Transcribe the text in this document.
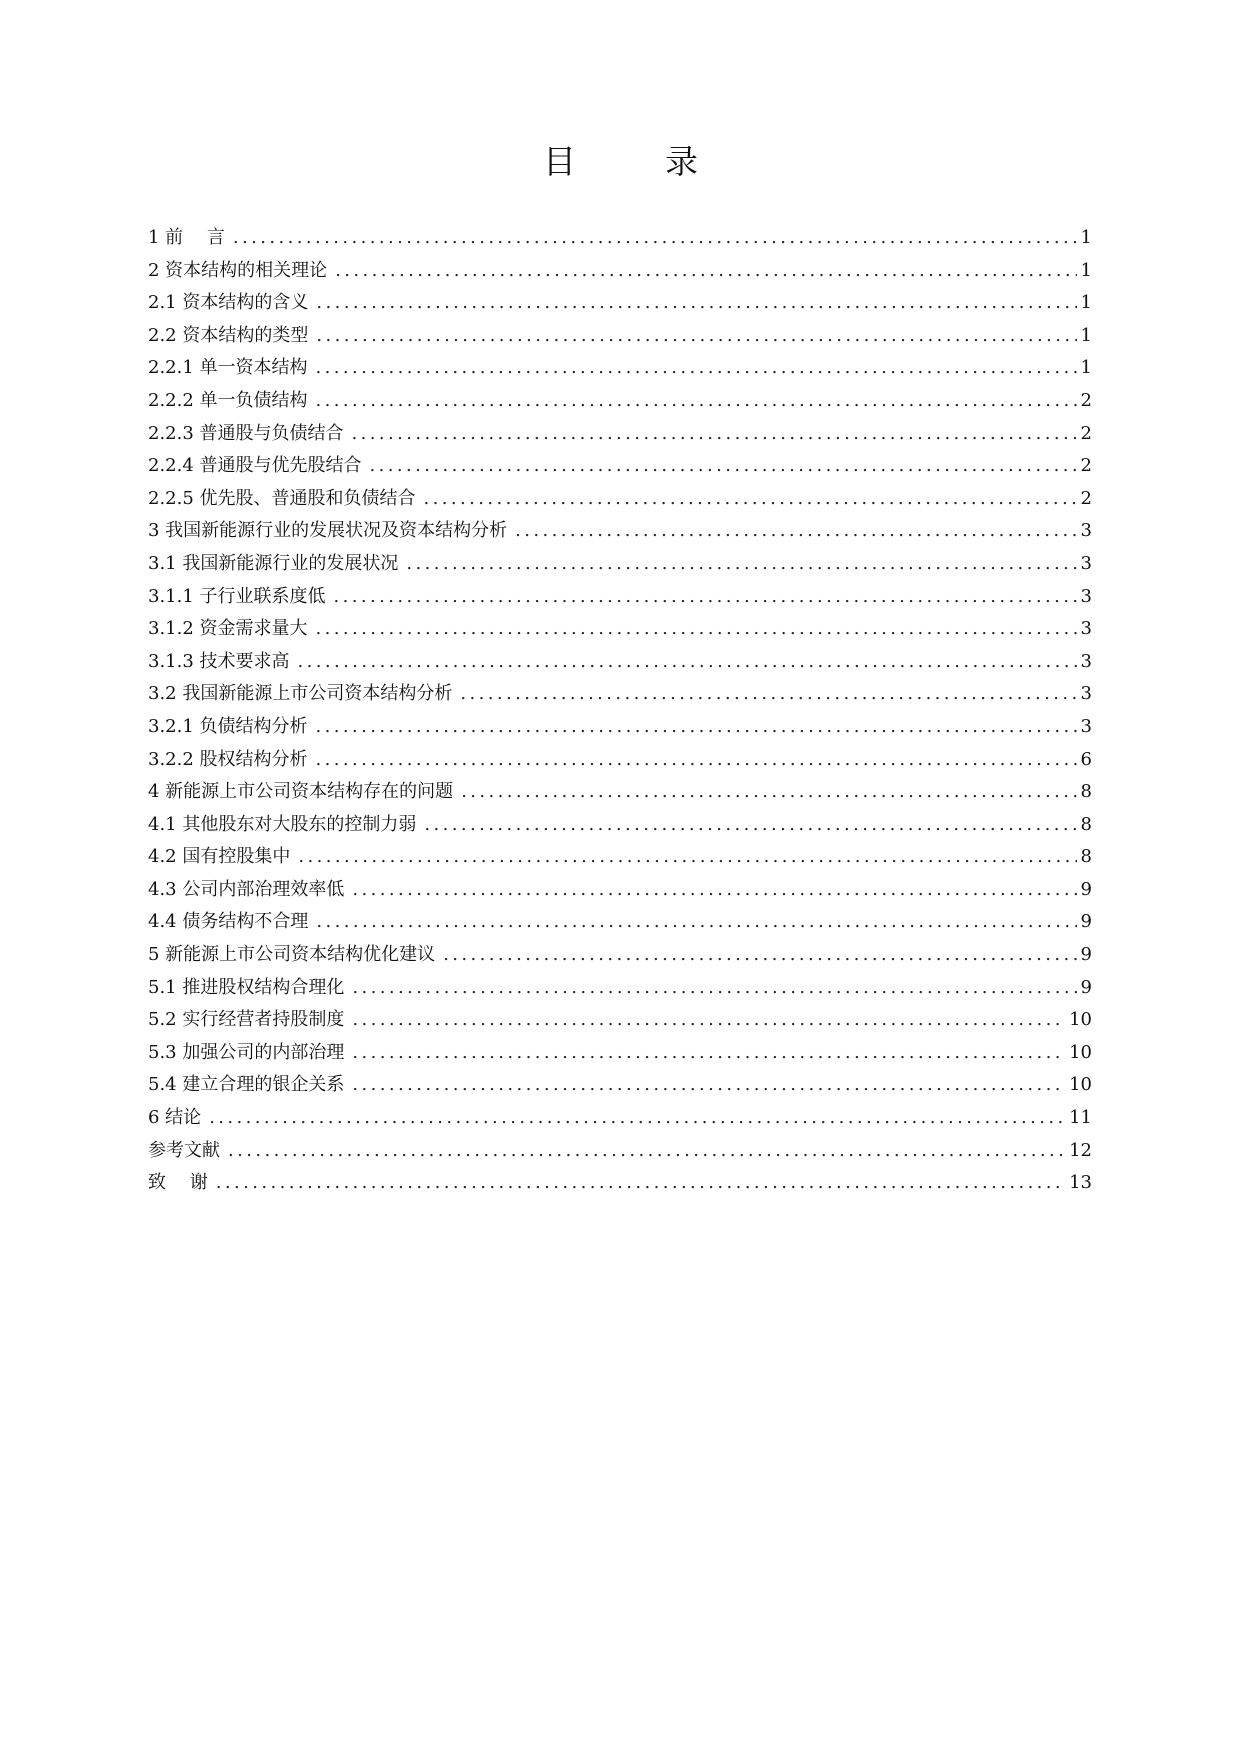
目　录
1 前　 言 .....	1
2 资本结构的相关理论 .....	1
2.1 资本结构的含义 .....	1
2.2 资本结构的类型 .....	1
2.2.1 单一资本结构 .....	1
2.2.2 单一负债结构 .....	2
2.2.3 普通股与负债结合 .....	2
2.2.4 普通股与优先股结合 .....	2
2.2.5 优先股、普通股和负债结合 .....	2
3 我国新能源行业的发展状况及资本结构分析 .....	3
3.1 我国新能源行业的发展状况 .....	3
3.1.1 子行业联系度低 .....	3
3.1.2 资金需求量大 .....	3
3.1.3 技术要求高 .....	3
3.2 我国新能源上市公司资本结构分析 .....	3
3.2.1 负债结构分析 .....	3
3.2.2 股权结构分析 .....	6
4 新能源上市公司资本结构存在的问题 .....	8
4.1 其他股东对大股东的控制力弱 .....	8
4.2 国有控股集中 .....	8
4.3 公司内部治理效率低 .....	9
4.4 债务结构不合理 .....	9
5 新能源上市公司资本结构优化建议 .....	9
5.1 推进股权结构合理化 .....	9
5.2 实行经营者持股制度 .....	10
5.3 加强公司的内部治理 .....	10
5.4 建立合理的银企关系 .....	10
6 结论 .....	11
参考文献 .....	12
致　 谢 .....	13
